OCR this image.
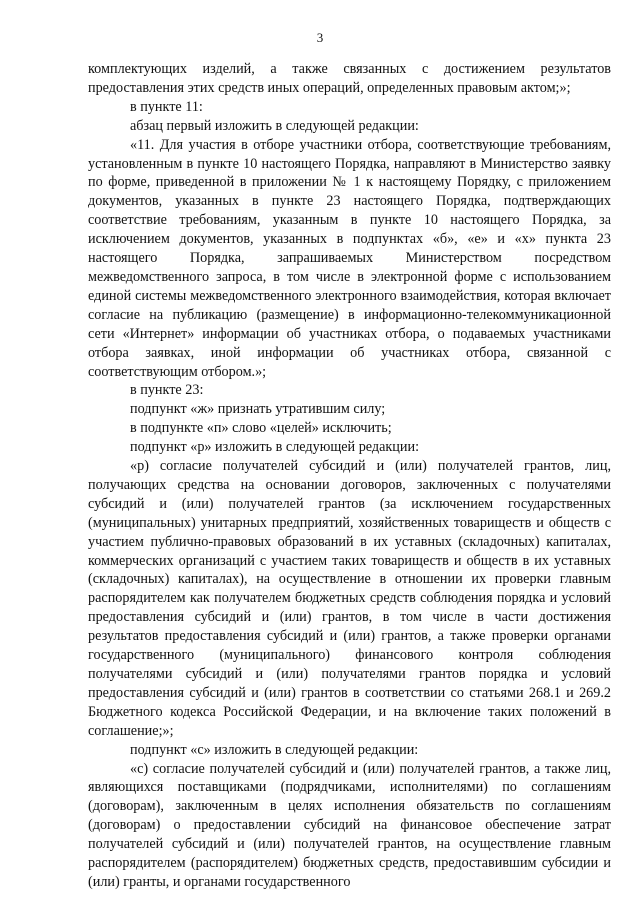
3

комплектующих изделий, а также связанных с достижением результатов предоставления этих средств иных операций, определенных правовым актом;»;

в пункте 11:

абзац первый изложить в следующей редакции:

«11. Для участия в отборе участники отбора, соответствующие требованиям, установленным в пункте 10 настоящего Порядка, направляют в Министерство заявку по форме, приведенной в приложении № 1 к настоящему Порядку, с приложением документов, указанных в пункте 23 настоящего Порядка, подтверждающих соответствие требованиям, указанным в пункте 10 настоящего Порядка, за исключением документов, указанных в подпунктах «б», «е» и «х» пункта 23 настоящего Порядка, запрашиваемых Министерством посредством межведомственного запроса, в том числе в электронной форме с использованием единой системы межведомственного электронного взаимодействия, которая включает согласие на публикацию (размещение) в информационно-телекоммуникационной сети «Интернет» информации об участниках отбора, о подаваемых участниками отбора заявках, иной информации об участниках отбора, связанной с соответствующим отбором.»;

в пункте 23:

подпункт «ж» признать утратившим силу;

в подпункте «п» слово «целей» исключить;

подпункт «р» изложить в следующей редакции:

«р) согласие получателей субсидий и (или) получателей грантов, лиц, получающих средства на основании договоров, заключенных с получателями субсидий и (или) получателей грантов (за исключением государственных (муниципальных) унитарных предприятий, хозяйственных товариществ и обществ с участием публично-правовых образований в их уставных (складочных) капиталах, коммерческих организаций с участием таких товариществ и обществ в их уставных (складочных) капиталах), на осуществление в отношении их проверки главным распорядителем как получателем бюджетных средств соблюдения порядка и условий предоставления субсидий и (или) грантов, в том числе в части достижения результатов предоставления субсидий и (или) грантов, а также проверки органами государственного (муниципального) финансового контроля соблюдения получателями субсидий и (или) получателями грантов порядка и условий предоставления субсидий и (или) грантов в соответствии со статьями 268.1 и 269.2 Бюджетного кодекса Российской Федерации, и на включение таких положений в соглашение;»;

подпункт «с» изложить в следующей редакции:

«с) согласие получателей субсидий и (или) получателей грантов, а также лиц, являющихся поставщиками (подрядчиками, исполнителями) по соглашениям (договорам), заключенным в целях исполнения обязательств по соглашениям (договорам) о предоставлении субсидий на финансовое обеспечение затрат получателей субсидий и (или) получателей грантов, на осуществление главным распорядителем (распорядителем) бюджетных средств, предоставившим субсидии и (или) гранты, и органами государственного
